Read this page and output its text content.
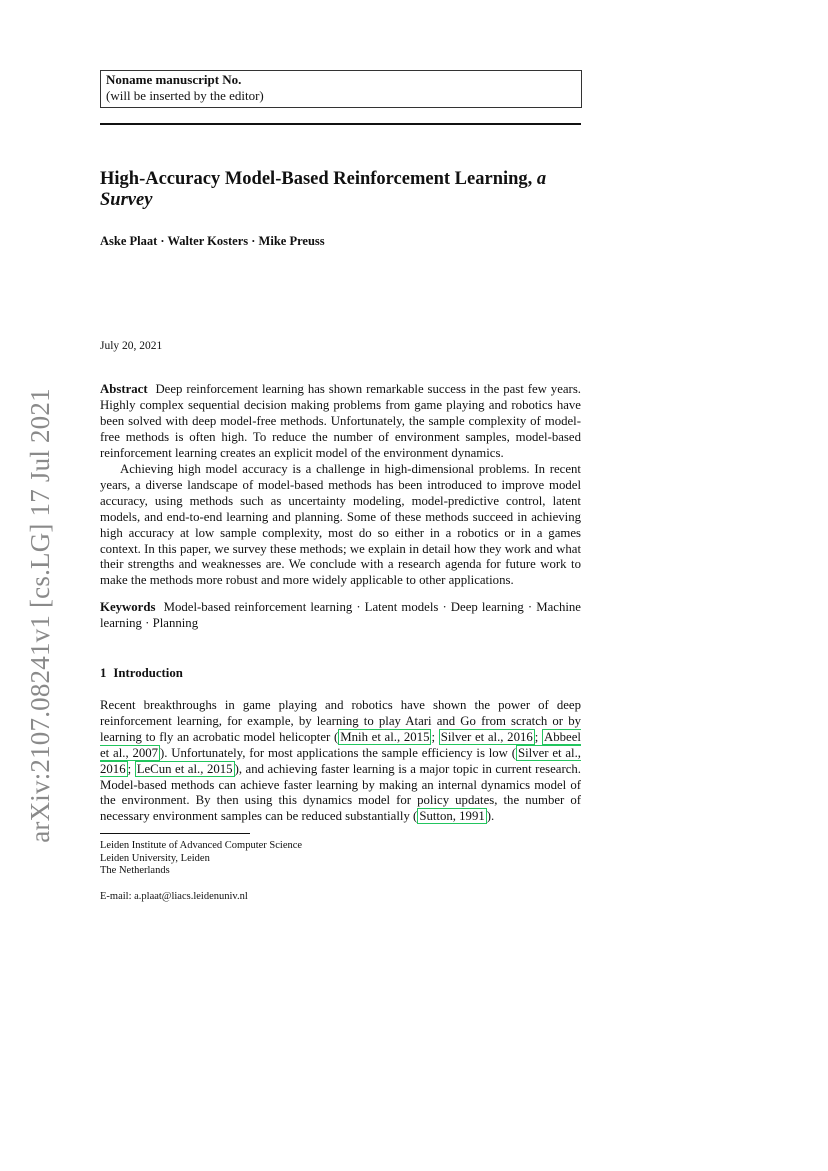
arXiv:2107.08241v1 [cs.LG] 17 Jul 2021
Noname manuscript No.
(will be inserted by the editor)
High-Accuracy Model-Based Reinforcement Learning, a Survey
Aske Plaat · Walter Kosters · Mike Preuss
July 20, 2021

Abstract Deep reinforcement learning has shown remarkable success in the past few years. Highly complex sequential decision making problems from game playing and robotics have been solved with deep model-free methods. Unfortunately, the sample complexity of model-free methods is often high. To reduce the number of environment samples, model-based reinforcement learning creates an explicit model of the environment dynamics.

Achieving high model accuracy is a challenge in high-dimensional problems. In recent years, a diverse landscape of model-based methods has been introduced to improve model accuracy, using methods such as uncertainty modeling, model-predictive control, latent models, and end-to-end learning and planning. Some of these methods succeed in achieving high accuracy at low sample complexity, most do so either in a robotics or in a games context. In this paper, we survey these methods; we explain in detail how they work and what their strengths and weaknesses are. We conclude with a research agenda for future work to make the methods more robust and more widely applicable to other applications.

Keywords Model-based reinforcement learning · Latent models · Deep learning · Machine learning · Planning

1 Introduction

Recent breakthroughs in game playing and robotics have shown the power of deep reinforcement learning, for example, by learning to play Atari and Go from scratch or by learning to fly an acrobatic model helicopter ( Mnih et al., 2015 ; Silver et al., 2016 ; Abbeel et al., 2007 ). Unfortunately, for most applications the sample efficiency is low ( Silver et al., 2016 ; LeCun et al., 2015 ), and achieving faster learning is a major topic in current research. Model-based methods can achieve faster learning by making an internal dynamics model of the environment. By then using this dynamics model for policy updates, the number of necessary environment samples can be reduced substantially ( Sutton, 1991 ).

Leiden Institute of Advanced Computer Science
Leiden University, Leiden
The Netherlands
E-mail: a.plaat@liacs.leidenuniv.nl
